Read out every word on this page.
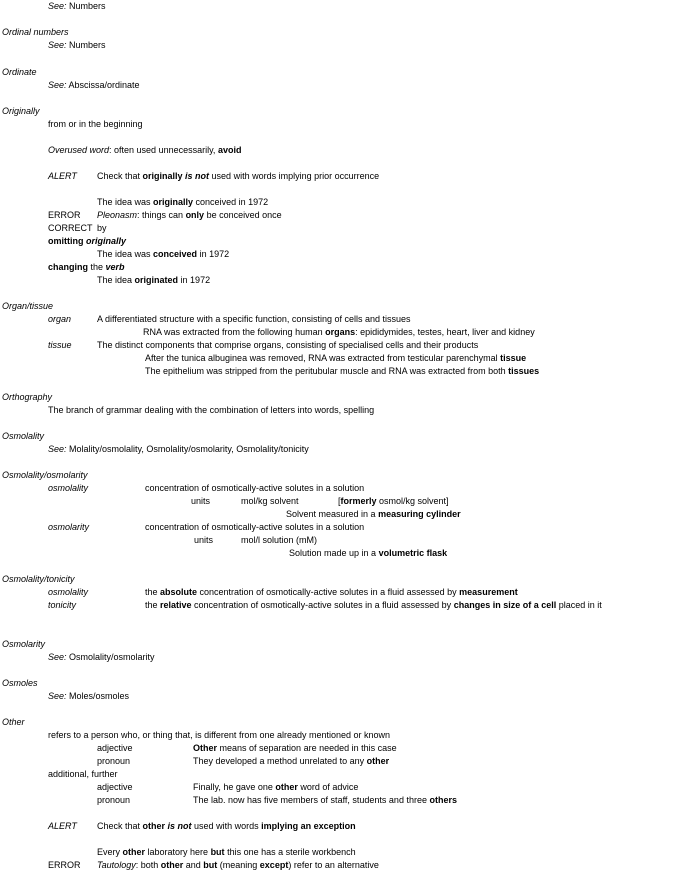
See: Numbers
Ordinal numbers
See: Numbers
Ordinate
See: Abscissa/ordinate
Originally
from or in the beginning
Overused word: often used unnecessarily, avoid
ALERT Check that originally is not used with words implying prior occurrence
The idea was originally conceived in 1972
ERROR Pleonasm: things can only be conceived once
CORRECT by
omitting originally
The idea was conceived in 1972
changing the verb
The idea originated in 1972
Organ/tissue
organ	A differentiated structure with a specific function, consisting of cells and tissues
RNA was extracted from the following human organs: epididymides, testes, heart, liver and kidney
tissue	The distinct components that comprise organs, consisting of specialised cells and their products
After the tunica albuginea was removed, RNA was extracted from testicular parenchymal tissue
The epithelium was stripped from the peritubular muscle and RNA was extracted from both tissues
Orthography
The branch of grammar dealing with the combination of letters into words, spelling
Osmolality
See: Molality/osmolality, Osmolality/osmolarity, Osmolality/tonicity
Osmolality/osmolarity
osmolality	concentration of osmotically-active solutes in a solution
units	mol/kg solvent	[formerly osmol/kg solvent]
Solvent measured in a measuring cylinder
osmolarity	concentration of osmotically-active solutes in a solution
units	mol/l solution (mM)
Solution made up in a volumetric flask
Osmolality/tonicity
osmolality	the absolute concentration of osmotically-active solutes in a fluid assessed by measurement
tonicity	the relative concentration of osmotically-active solutes in a fluid assessed by changes in size of a cell placed in it
Osmolarity
See: Osmolality/osmolarity
Osmoles
See: Moles/osmoles
Other
refers to a person who, or thing that, is different from one already mentioned or known
adjective	Other means of separation are needed in this case
pronoun	They developed a method unrelated to any other
additional, further
adjective	Finally, he gave one other word of advice
pronoun	The lab. now has five members of staff, students and three others
ALERT Check that other is not used with words implying an exception
Every other laboratory here but this one has a sterile workbench
ERROR Tautology: both other and but (meaning except) refer to an alternative
